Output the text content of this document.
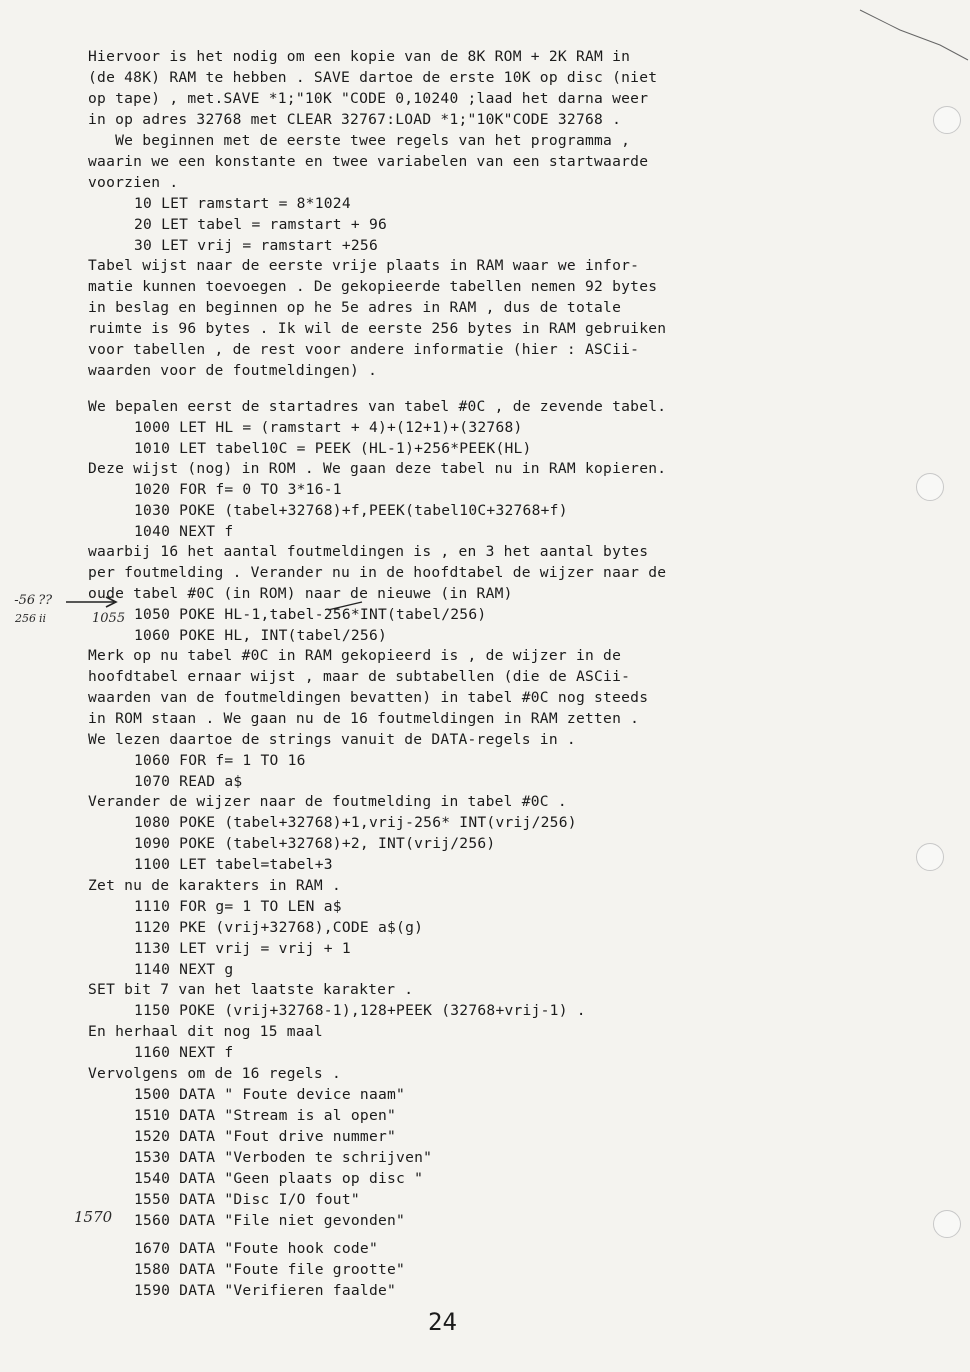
Hiervoor is het nodig om een kopie van de 8K ROM + 2K RAM in
(de 48K) RAM te hebben . SAVE dartoe de erste 10K op disc (niet
op tape) , met.SAVE *1;"10K "CODE 0,10240 ;laad het darna weer
in op adres 32768 met CLEAR 32767:LOAD *1;"10K"CODE 32768 .
We beginnen met de eerste twee regels van het programma ,
waarin we een konstante en twee variabelen van een startwaarde
voorzien .
10 LET ramstart = 8*1024
20 LET tabel = ramstart + 96
30 LET vrij = ramstart +256
Tabel wijst naar de eerste vrije plaats in RAM waar we infor-
matie kunnen toevoegen . De gekopieerde tabellen nemen 92 bytes
in beslag en beginnen op he 5e adres in RAM , dus de totale
ruimte is 96 bytes . Ik wil de eerste 256 bytes in RAM gebruiken
voor tabellen , de rest voor andere informatie (hier : ASCii-
waarden voor de foutmeldingen) .
We bepalen eerst de startadres van tabel #0C , de zevende tabel.
1000 LET HL = (ramstart + 4)+(12+1)+(32768)
1010 LET tabel10C = PEEK (HL-1)+256*PEEK(HL)
Deze wijst (nog) in ROM . We gaan deze tabel nu in RAM kopieren.
1020 FOR f= 0 TO 3*16-1
1030 POKE (tabel+32768)+f,PEEK(tabel10C+32768+f)
1040 NEXT f
waarbij 16 het aantal foutmeldingen is , en 3 het aantal bytes
per foutmelding . Verander nu in de hoofdtabel de wijzer naar de
oude tabel #0C (in ROM) naar de nieuwe (in RAM)
1050 POKE HL-1,tabel-256*INT(tabel/256)
1060 POKE HL, INT(tabel/256)
Merk op nu tabel #0C in RAM gekopieerd is , de wijzer in de
hoofdtabel ernaar wijst , maar de subtabellen (die de ASCii-
waarden van de foutmeldingen bevatten) in tabel #0C nog steeds
in ROM staan . We gaan nu de 16 foutmeldingen in RAM zetten .
We lezen daartoe de strings vanuit de DATA-regels in .
1060 FOR f= 1 TO 16
1070 READ a$
Verander de wijzer naar de foutmelding in tabel #0C .
1080 POKE (tabel+32768)+1,vrij-256* INT(vrij/256)
1090 POKE (tabel+32768)+2, INT(vrij/256)
1100 LET tabel=tabel+3
Zet nu de karakters in RAM .
1110 FOR g= 1 TO LEN a$
1120 PKE (vrij+32768),CODE a$(g)
1130 LET vrij = vrij + 1
1140 NEXT g
SET bit 7 van het laatste karakter .
1150 POKE (vrij+32768-1),128+PEEK (32768+vrij-1) .
En herhaal dit nog 15 maal
1160 NEXT f
Vervolgens om de 16 regels .
1500 DATA " Foute device naam"
1510 DATA "Stream is al open"
1520 DATA "Fout drive nummer"
1530 DATA "Verboden te schrijven"
1540 DATA "Geen plaats op disc "
1550 DATA "Disc I/O fout"
1560 DATA "File niet gevonden"
1670 DATA "Foute hook code"
1580 DATA "Foute file grootte"
1590 DATA "Verifieren faalde"

-56 ??

256 ii	1055
1570
24
